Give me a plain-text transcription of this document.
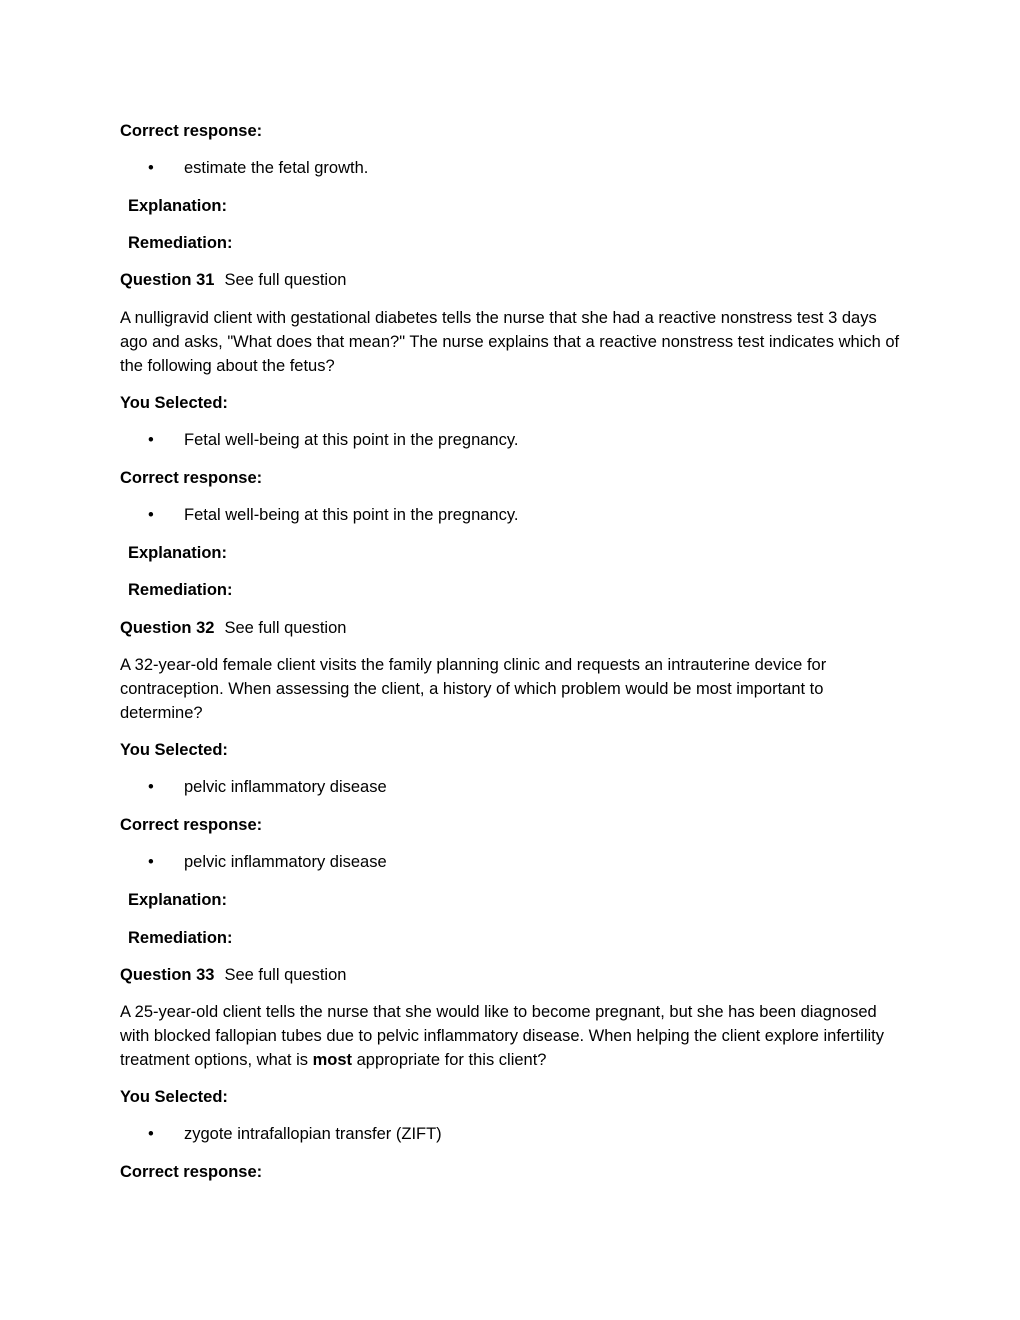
Correct response:
• estimate the fetal growth.
Explanation:
Remediation:
Question 31 See full question
A nulligravid client with gestational diabetes tells the nurse that she had a reactive nonstress test 3 days ago and asks, "What does that mean?" The nurse explains that a reactive nonstress test indicates which of the following about the fetus?
You Selected:
• Fetal well-being at this point in the pregnancy.
Correct response:
• Fetal well-being at this point in the pregnancy.
Explanation:
Remediation:
Question 32 See full question
A 32-year-old female client visits the family planning clinic and requests an intrauterine device for contraception. When assessing the client, a history of which problem would be most important to determine?
You Selected:
• pelvic inflammatory disease
Correct response:
• pelvic inflammatory disease
Explanation:
Remediation:
Question 33 See full question
A 25-year-old client tells the nurse that she would like to become pregnant, but she has been diagnosed with blocked fallopian tubes due to pelvic inflammatory disease. When helping the client explore infertility treatment options, what is most appropriate for this client?
You Selected:
• zygote intrafallopian transfer (ZIFT)
Correct response:
